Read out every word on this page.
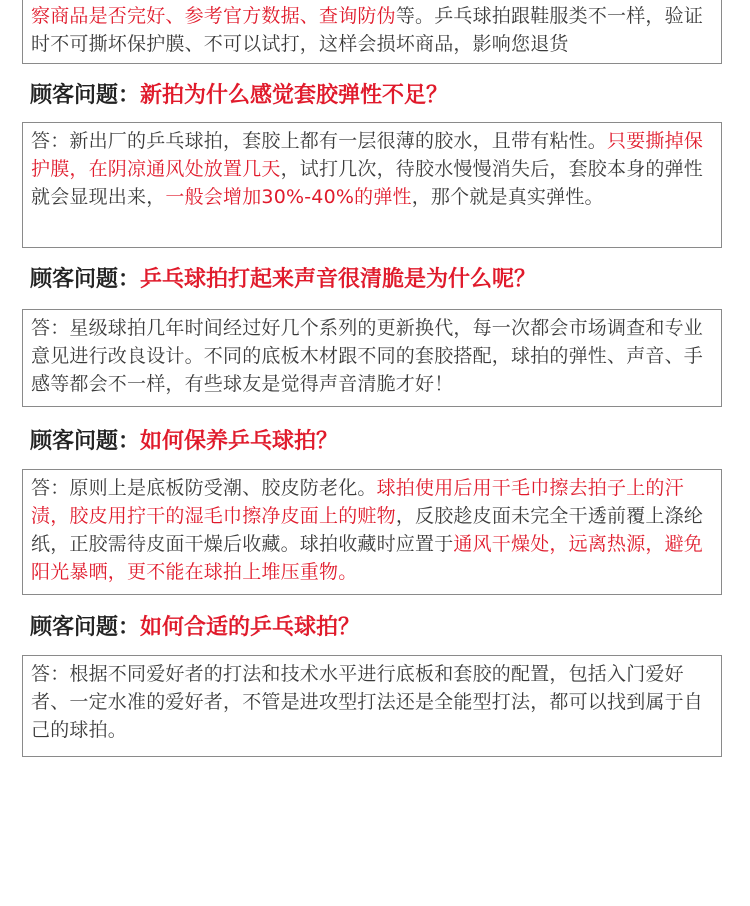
察商品是否完好、参考官方数据、查询防伪等。乒乓球拍跟鞋服类不一样，验证时不可撕坏保护膜、不可以试打，这样会损坏商品，影响您退货
顾客问题：新拍为什么感觉套胶弹性不足？
答：新出厂的乒乓球拍，套胶上都有一层很薄的胶水，且带有粘性。只要撕掉保护膜，在阴凉通风处放置几天，试打几次，待胶水慢慢消失后，套胶本身的弹性就会显现出来，一般会增加30%-40%的弹性，那个就是真实弹性。
顾客问题：乒乓球拍打起来声音很清脆是为什么呢？
答：星级球拍几年时间经过好几个系列的更新换代，每一次都会市场调查和专业意见进行改良设计。不同的底板木材跟不同的套胶搭配，球拍的弹性、声音、手感等都会不一样，有些球友是觉得声音清脆才好！
顾客问题：如何保养乒乓球拍？
答：原则上是底板防受潮、胶皮防老化。球拍使用后用干毛巾擦去拍子上的汗渍，胶皮用拧干的湿毛巾擦净皮面上的赃物，反胶趁皮面未完全干透前覆上涤纶纸，正胶需待皮面干燥后收藏。球拍收藏时应置于通风干燥处，远离热源，避免阳光暴晒，更不能在球拍上堆压重物。
顾客问题：如何合适的乒乓球拍？
答：根据不同爱好者的打法和技术水平进行底板和套胶的配置，包括入门爱好者、一定水准的爱好者，不管是进攻型打法还是全能型打法，都可以找到属于自己的球拍。
